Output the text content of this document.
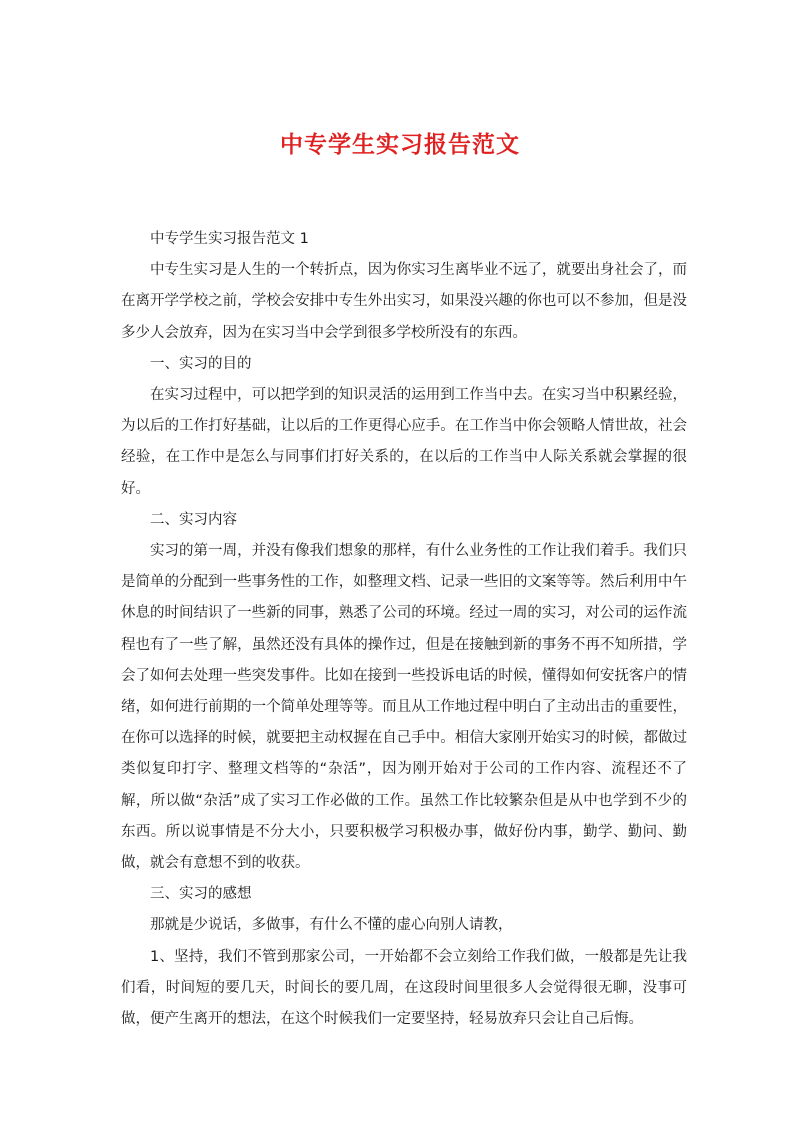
中专学生实习报告范文

中专学生实习报告范文 1

中专生实习是人生的一个转折点，因为你实习生离毕业不远了，就要出身社会了，而在离开学学校之前，学校会安排中专生外出实习，如果没兴趣的你也可以不参加，但是没多少人会放弃，因为在实习当中会学到很多学校所没有的东西。

一、实习的目的

在实习过程中，可以把学到的知识灵活的运用到工作当中去。在实习当中积累经验，为以后的工作打好基础，让以后的工作更得心应手。在工作当中你会领略人情世故，社会经验，在工作中是怎么与同事们打好关系的，在以后的工作当中人际关系就会掌握的很好。

二、实习内容

实习的第一周，并没有像我们想象的那样，有什么业务性的工作让我们着手。我们只是简单的分配到一些事务性的工作，如整理文档、记录一些旧的文案等等。然后利用中午休息的时间结识了一些新的同事，熟悉了公司的环境。经过一周的实习，对公司的运作流程也有了一些了解，虽然还没有具体的操作过，但是在接触到新的事务不再不知所措，学会了如何去处理一些突发事件。比如在接到一些投诉电话的时候，懂得如何安抚客户的情绪，如何进行前期的一个简单处理等等。而且从工作地过程中明白了主动出击的重要性，在你可以选择的时候，就要把主动权握在自己手中。相信大家刚开始实习的时候，都做过类似复印打字、整理文档等的“杂活”，因为刚开始对于公司的工作内容、流程还不了解，所以做“杂活”成了实习工作必做的工作。虽然工作比较繁杂但是从中也学到不少的东西。所以说事情是不分大小，只要积极学习积极办事，做好份内事，勤学、勤问、勤做，就会有意想不到的收获。

三、实习的感想

那就是少说话，多做事，有什么不懂的虚心向别人请教，

1、坚持，我们不管到那家公司，一开始都不会立刻给工作我们做，一般都是先让我们看，时间短的要几天，时间长的要几周，在这段时间里很多人会觉得很无聊，没事可做，便产生离开的想法，在这个时候我们一定要坚持，轻易放弃只会让自己后悔。
